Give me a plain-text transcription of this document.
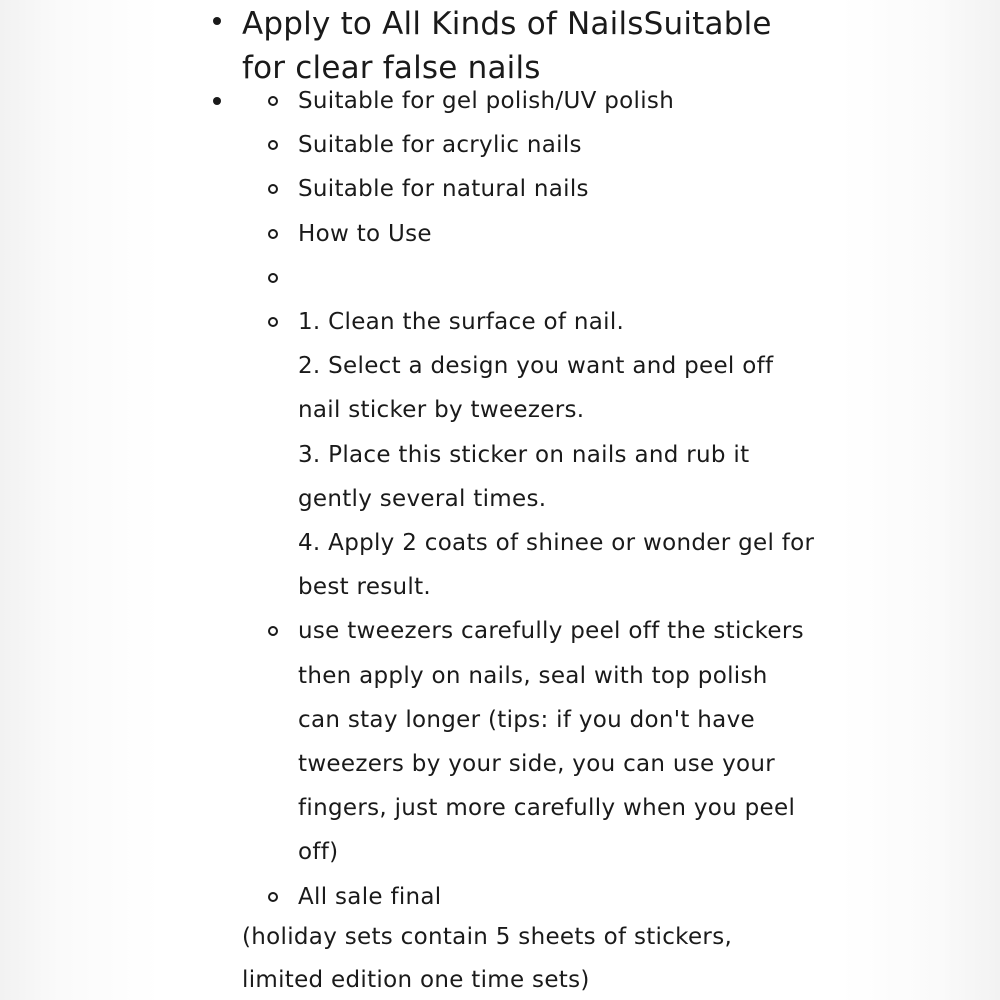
Apply to All Kinds of NailsSuitable for clear false nails
Suitable for gel polish/UV polish
Suitable for acrylic nails
Suitable for natural nails
How to Use
1. Clean the surface of nail.
2. Select a design you want and peel off
nail sticker by tweezers.
3. Place this sticker on nails and rub it
gently several times.
4. Apply 2 coats of shinee or wonder gel for
best result.
use tweezers carefully peel off the stickers
then apply on nails, seal with top polish
can stay longer (tips: if you don't have
tweezers by your side, you can use your
fingers, just more carefully when you peel
off)
All sale final
(holiday sets contain 5 sheets of stickers,
limited edition one time sets)
